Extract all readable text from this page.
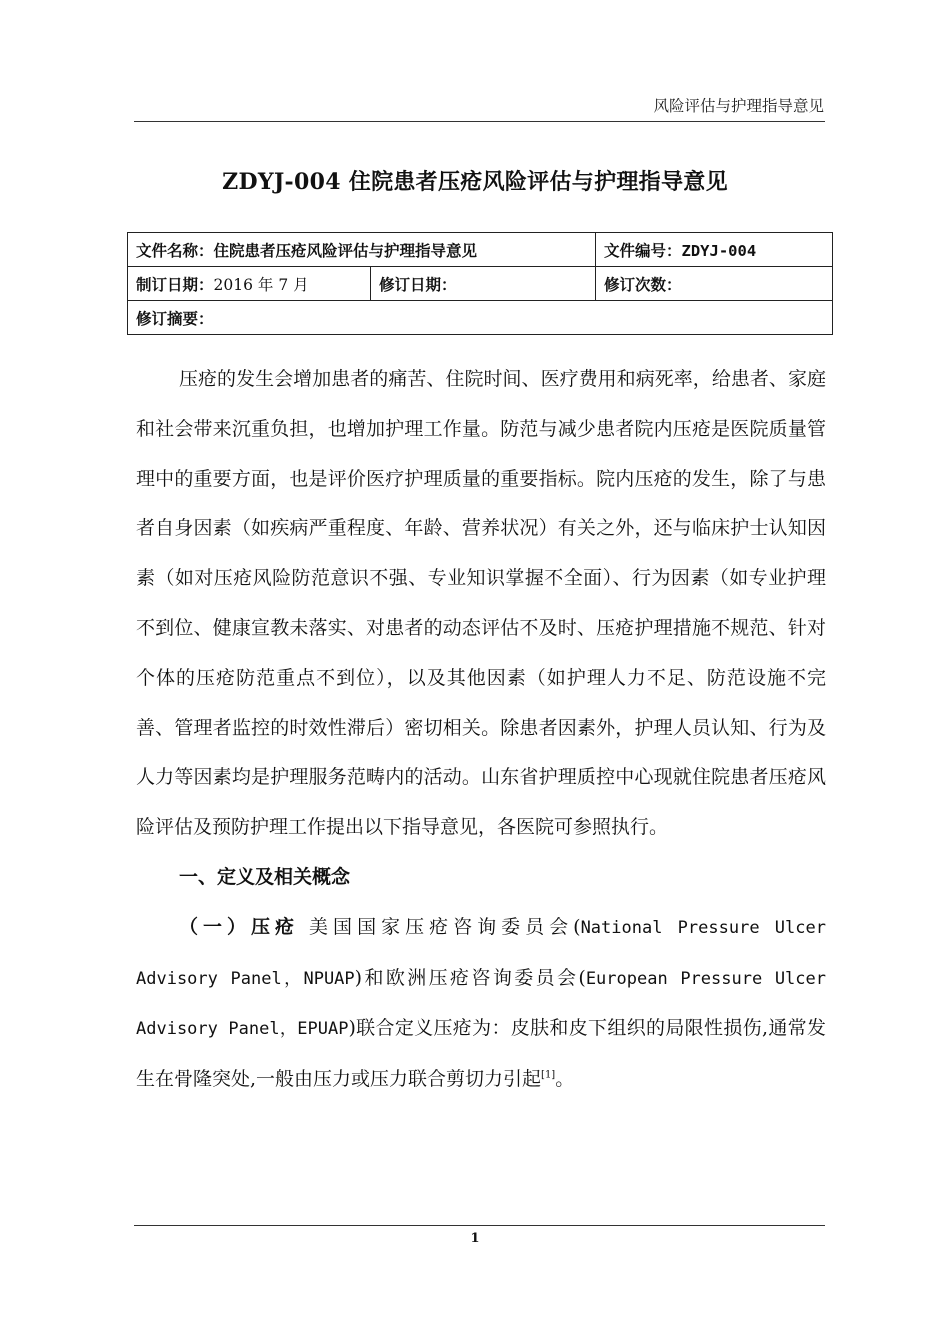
风险评估与护理指导意见
ZDYJ-004 住院患者压疮风险评估与护理指导意见
文件名称：住院患者压疮风险评估与护理指导意见		文件编号：ZDYJ-004
制订日期：2016 年 7 月	修订日期：	修订次数：
修订摘要：		

压疮的发生会增加患者的痛苦、住院时间、医疗费用和病死率，给患者、家庭和社会带来沉重负担，也增加护理工作量。防范与减少患者院内压疮是医院质量管理中的重要方面，也是评价医疗护理质量的重要指标。院内压疮的发生，除了与患者自身因素（如疾病严重程度、年龄、营养状况）有关之外，还与临床护士认知因素（如对压疮风险防范意识不强、专业知识掌握不全面）、行为因素（如专业护理不到位、健康宣教未落实、对患者的动态评估不及时、压疮护理措施不规范、针对个体的压疮防范重点不到位），以及其他因素（如护理人力不足、防范设施不完善、管理者监控的时效性滞后）密切相关。除患者因素外，护理人员认知、行为及人力等因素均是护理服务范畴内的活动。山东省护理质控中心现就住院患者压疮风险评估及预防护理工作提出以下指导意见，各医院可参照执行。

一、定义及相关概念

（一）压疮 美国国家压疮咨询委员会(National Pressure Ulcer Advisory Panel，NPUAP)和欧洲压疮咨询委员会(European Pressure Ulcer Advisory Panel，EPUAP)联合定义压疮为：皮肤和皮下组织的局限性损伤,通常发生在骨隆突处,一般由压力或压力联合剪切力引起[1]。

1
